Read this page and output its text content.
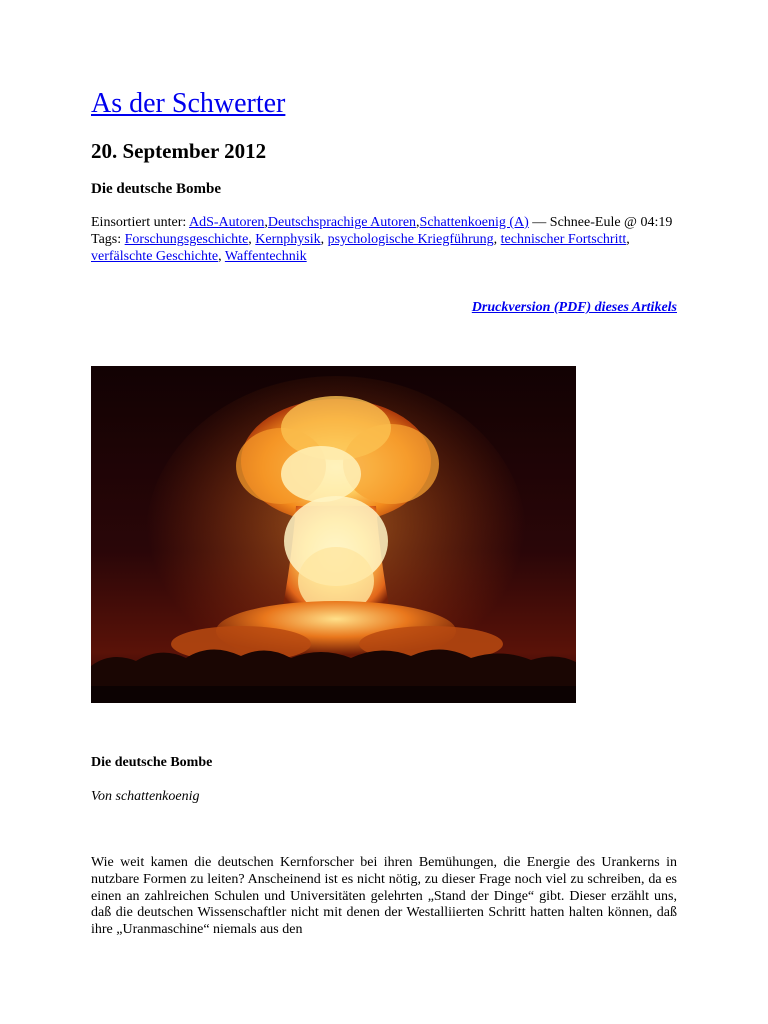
As der Schwerter
20. September 2012
Die deutsche Bombe
Einsortiert unter: AdS-Autoren,Deutschsprachige Autoren,Schattenkoenig (A) — Schnee-Eule @ 04:19
Tags: Forschungsgeschichte, Kernphysik, psychologische Kriegführung, technischer Fortschritt, verfälschte Geschichte, Waffentechnik
Druckversion (PDF) dieses Artikels
Die deutsche Bombe

Von schattenkoenig

Wie weit kamen die deutschen Kernforscher bei ihren Bemühungen, die Energie des Urankerns in nutzbare Formen zu leiten? Anscheinend ist es nicht nötig, zu dieser Frage noch viel zu schreiben, da es einen an zahlreichen Schulen und Universitäten gelehrten „Stand der Dinge“ gibt. Dieser erzählt uns, daß die deutschen Wissenschaftler nicht mit denen der Westalliierten Schritt hatten halten können, daß ihre „Uranmaschine“ niemals aus den
